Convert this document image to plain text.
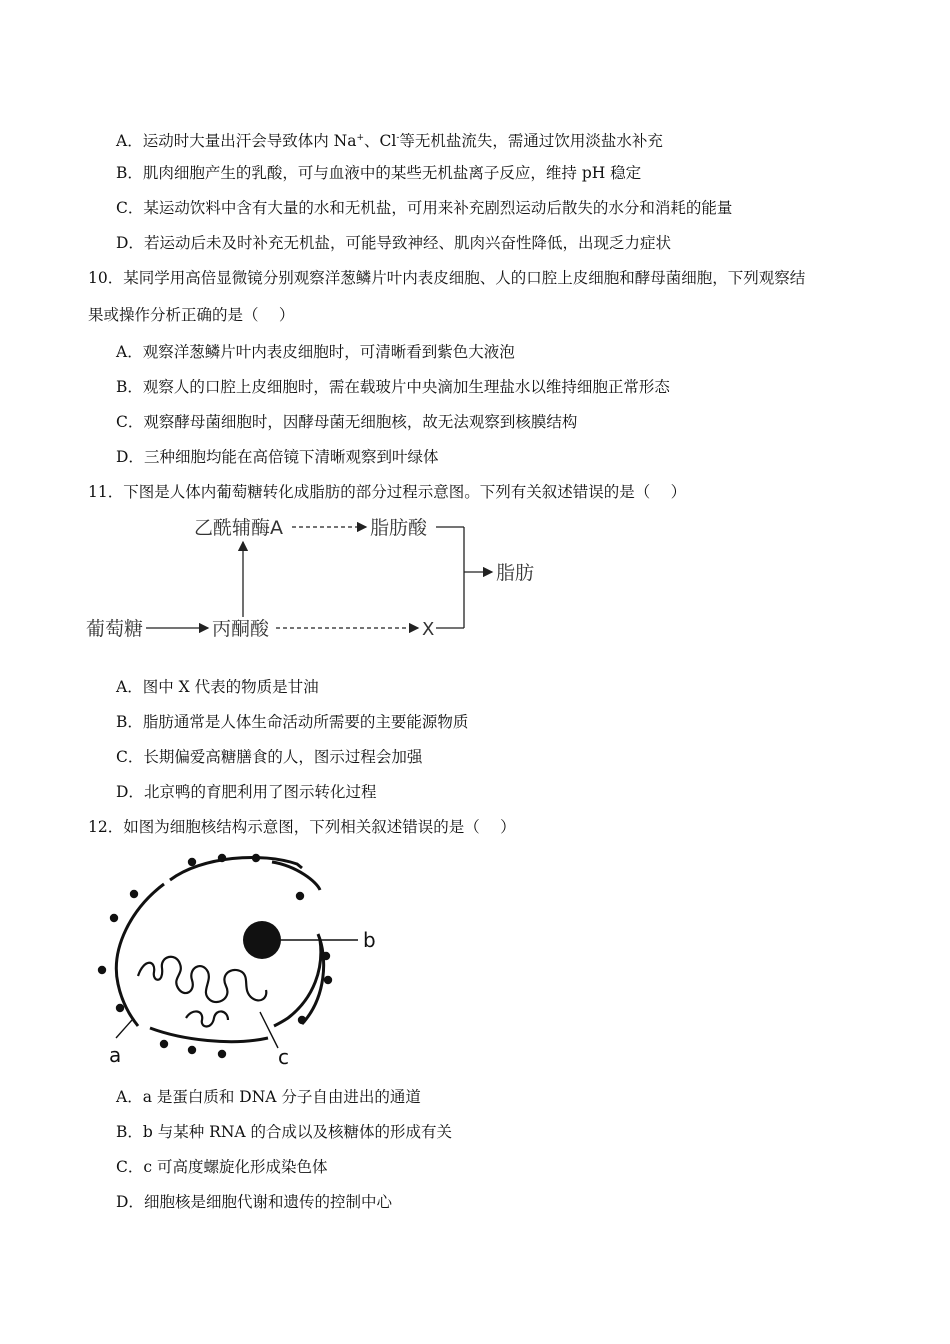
A．运动时大量出汗会导致体内 Na+、Cl-等无机盐流失，需通过饮用淡盐水补充
B．肌肉细胞产生的乳酸，可与血液中的某些无机盐离子反应，维持 pH 稳定
C．某运动饮料中含有大量的水和无机盐，可用来补充剧烈运动后散失的水分和消耗的能量
D．若运动后未及时补充无机盐，可能导致神经、肌肉兴奋性降低，出现乏力症状
10．某同学用高倍显微镜分别观察洋葱鳞片叶内表皮细胞、人的口腔上皮细胞和酵母菌细胞，下列观察结
果或操作分析正确的是（　 ）
A．观察洋葱鳞片叶内表皮细胞时，可清晰看到紫色大液泡
B．观察人的口腔上皮细胞时，需在载玻片中央滴加生理盐水以维持细胞正常形态
C．观察酵母菌细胞时，因酵母菌无细胞核，故无法观察到核膜结构
D．三种细胞均能在高倍镜下清晰观察到叶绿体
11．下图是人体内葡萄糖转化成脂肪的部分过程示意图。下列有关叙述错误的是（　 ）
乙酰辅酶A	脂肪酸
葡萄糖	丙酮酸	X
脂肪
A．图中 X 代表的物质是甘油
B．脂肪通常是人体生命活动所需要的主要能源物质
C．长期偏爱高糖膳食的人，图示过程会加强
D．北京鸭的育肥利用了图示转化过程
12．如图为细胞核结构示意图，下列相关叙述错误的是（　 ）
a
b
c
A．a 是蛋白质和 DNA 分子自由进出的通道
B．b 与某种 RNA 的合成以及核糖体的形成有关
C．c 可高度螺旋化形成染色体
D．细胞核是细胞代谢和遗传的控制中心
